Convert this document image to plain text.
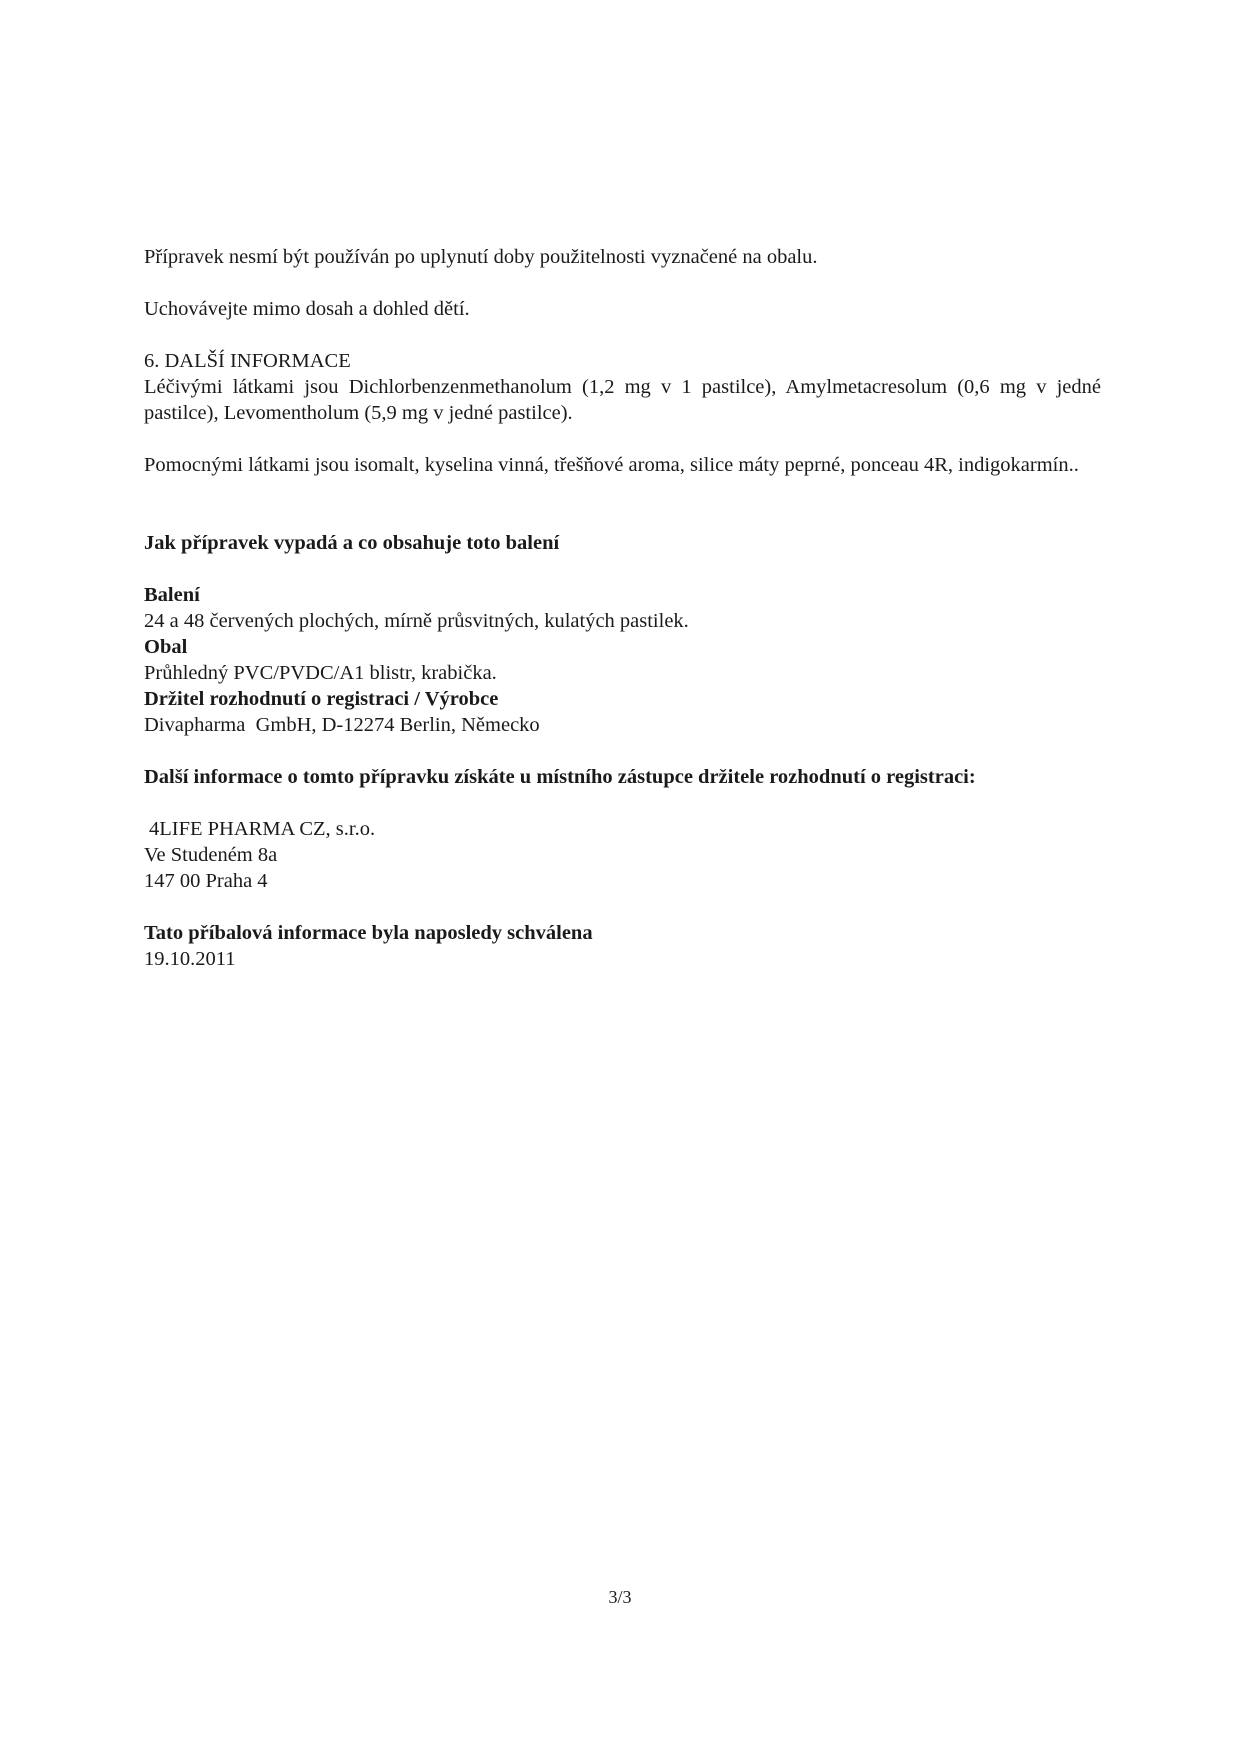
Přípravek nesmí být používán po uplynutí doby použitelnosti vyznačené na obalu.

Uchovávejte mimo dosah a dohled dětí.

6. DALŠÍ INFORMACE

Léčivými látkami jsou Dichlorbenzenmethanolum (1,2 mg v 1 pastilce), Amylmetacresolum (0,6 mg v jedné pastilce), Levomentholum (5,9 mg v jedné pastilce).

Pomocnými látkami jsou isomalt, kyselina vinná, třešňové aroma, silice máty peprné, ponceau 4R, indigokarmín..

Jak přípravek vypadá a co obsahuje toto balení

Balení

24 a 48 červených plochých, mírně průsvitných, kulatých pastilek.

Obal

Průhledný PVC/PVDC/A1 blistr, krabička.

Držitel rozhodnutí o registraci / Výrobce

Divapharma  GmbH, D-12274 Berlin, Německo

Další informace o tomto přípravku získáte u místního zástupce držitele rozhodnutí o registraci:

4LIFE PHARMA CZ, s.r.o.

Ve Studeném 8a

147 00 Praha 4

Tato příbalová informace byla naposledy schválena

19.10.2011

3/3
